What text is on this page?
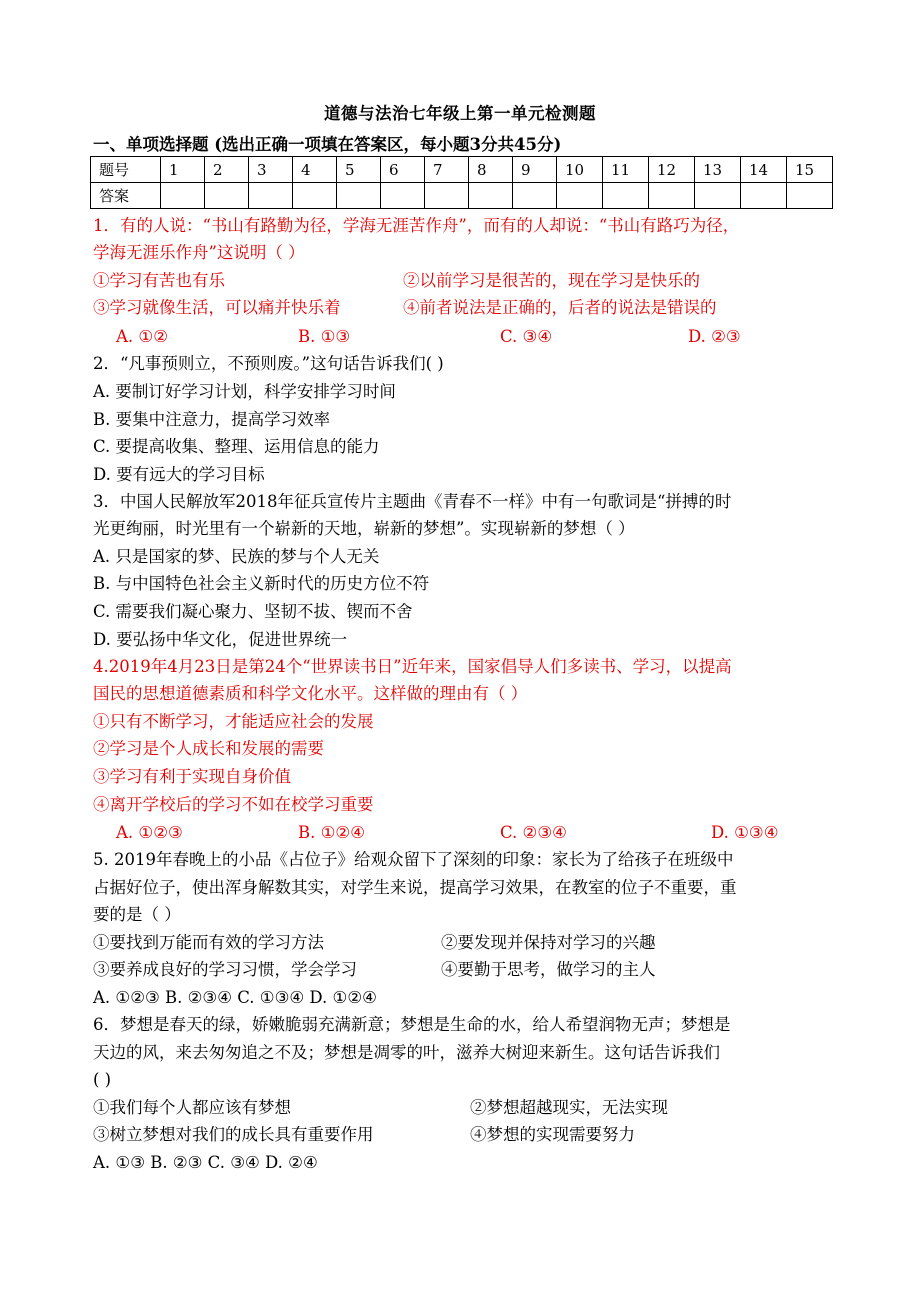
道德与法治七年级上第一单元检测题
一、单项选择题 (选出正确一项填在答案区，每小题3分共45分)
题号	1	2	3	4	5	6	7	8	9	10	11	12	13	14	15
答案															
1．有的人说：“书山有路勤为径，学海无涯苦作舟”，而有的人却说：“书山有路巧为径，
学海无涯乐作舟”这说明（ ）
①学习有苦也有乐	②以前学习是很苦的，现在学习是快乐的
③学习就像生活，可以痛并快乐着	④前者说法是正确的，后者的说法是错误的
A. ①②	B. ①③	C. ③④	D. ②③
2．“凡事预则立，不预则废。”这句话告诉我们( )
A. 要制订好学习计划，科学安排学习时间
B. 要集中注意力，提高学习效率
C. 要提高收集、整理、运用信息的能力
D. 要有远大的学习目标
3．中国人民解放军2018年征兵宣传片主题曲《青春不一样》中有一句歌词是“拼搏的时
光更绚丽，时光里有一个崭新的天地，崭新的梦想”。实现崭新的梦想（ ）
A. 只是国家的梦、民族的梦与个人无关
B. 与中国特色社会主义新时代的历史方位不符
C. 需要我们凝心聚力、坚韧不拔、锲而不舍
D. 要弘扬中华文化，促进世界统一
4.2019年4月23日是第24个“世界读书日”近年来，国家倡导人们多读书、学习，以提高
国民的思想道德素质和科学文化水平。这样做的理由有（ ）
①只有不断学习，才能适应社会的发展
②学习是个人成长和发展的需要
③学习有利于实现自身价值
④离开学校后的学习不如在校学习重要
A. ①②③	B. ①②④	C. ②③④	D. ①③④
5. 2019年春晚上的小品《占位子》给观众留下了深刻的印象：家长为了给孩子在班级中
占据好位子，使出浑身解数其实，对学生来说，提高学习效果，在教室的位子不重要，重
要的是（ ）
①要找到万能而有效的学习方法	②要发现并保持对学习的兴趣
③要养成良好的学习习惯，学会学习	④要勤于思考，做学习的主人
A. ①②③ B. ②③④ C. ①③④ D. ①②④
6．梦想是春天的绿，娇嫩脆弱充满新意；梦想是生命的水，给人希望润物无声；梦想是
天边的风，来去匆匆追之不及；梦想是凋零的叶，滋养大树迎来新生。这句话告诉我们
( )
①我们每个人都应该有梦想	②梦想超越现实，无法实现
③树立梦想对我们的成长具有重要作用	④梦想的实现需要努力
A. ①③ B. ②③ C. ③④ D. ②④
